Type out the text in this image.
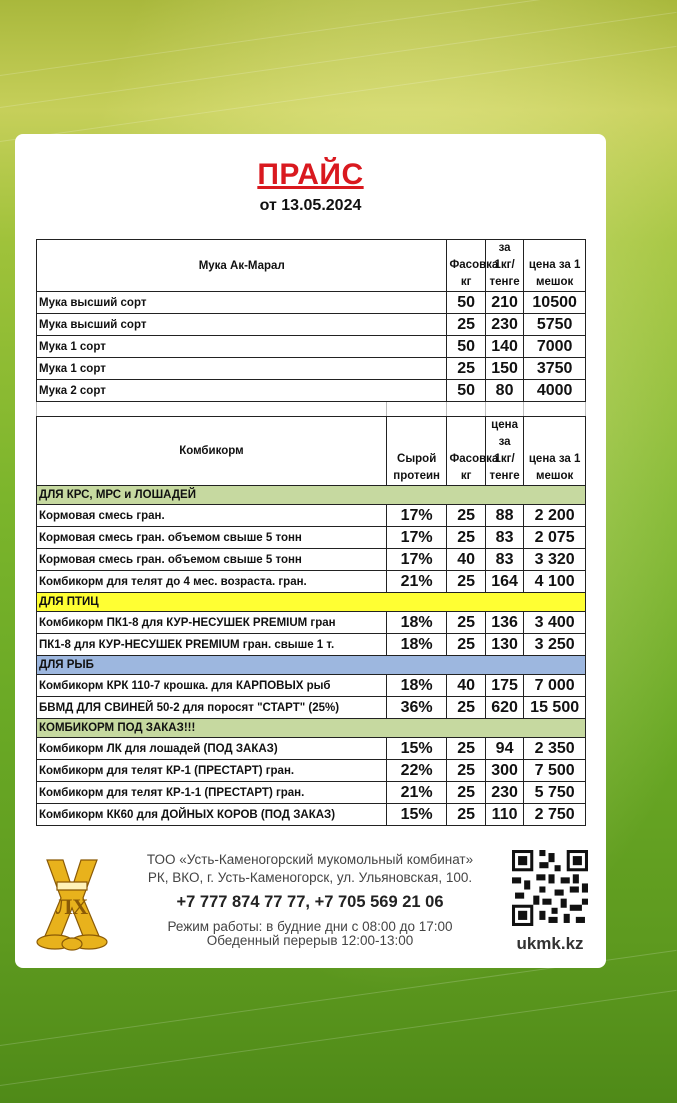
ПРАЙС
от 13.05.2024
Мука Ак-Марал		Фасовка кг	за 1кг/ тенге	цена за 1 мешок
Мука высший сорт		50	210	10500
Мука высший сорт		25	230	5750
Мука 1 сорт		50	140	7000
Мука 1 сорт		25	150	3750
Мука 2 сорт		50	80	4000

Комбикорм	Сырой протеин	Фасовка кг	цена за 1кг/ тенге	цена за 1 мешок
ДЛЯ КРС, МРС и ЛОШАДЕЙ				
Кормовая смесь гран.	17%	25	88	2 200
Кормовая смесь гран. объемом свыше 5 тонн	17%	25	83	2 075
Кормовая смесь гран. объемом свыше 5 тонн	17%	40	83	3 320
Комбикорм для телят до 4 мес. возраста. гран.	21%	25	164	4 100
ДЛЯ ПТИЦ				
Комбикорм ПК1-8 для КУР-НЕСУШЕК PREMIUM гран	18%	25	136	3 400
ПК1-8 для КУР-НЕСУШЕК PREMIUM гран. свыше 1 т.	18%	25	130	3 250
ДЛЯ РЫБ				
Комбикорм КРК 110-7 крошка. для КАРПОВЫХ рыб	18%	40	175	7 000
БВМД ДЛЯ СВИНЕЙ 50-2 для поросят "СТАРТ" (25%)	36%	25	620	15 500
КОМБИКОРМ ПОД ЗАКАЗ!!!				
Комбикорм ЛК для лошадей (ПОД ЗАКАЗ)	15%	25	94	2 350
Комбикорм для телят КР-1 (ПРЕСТАРТ) гран.	22%	25	300	7 500
Комбикорм для телят КР-1-1 (ПРЕСТАРТ) гран.	21%	25	230	5 750
Комбикорм КК60 для ДОЙНЫХ КОРОВ (ПОД ЗАКАЗ)	15%	25	110	2 750
ЛХ
ТОО «Усть-Каменогорский мукомольный комбинат»
РК, ВКО, г. Усть-Каменогорск, ул. Ульяновская, 100.
+7 777 874 77 77, +7 705 569 21 06
Режим работы: в будние дни с 08:00 до 17:00
Обеденный перерыв 12:00-13:00	ukmk.kz
